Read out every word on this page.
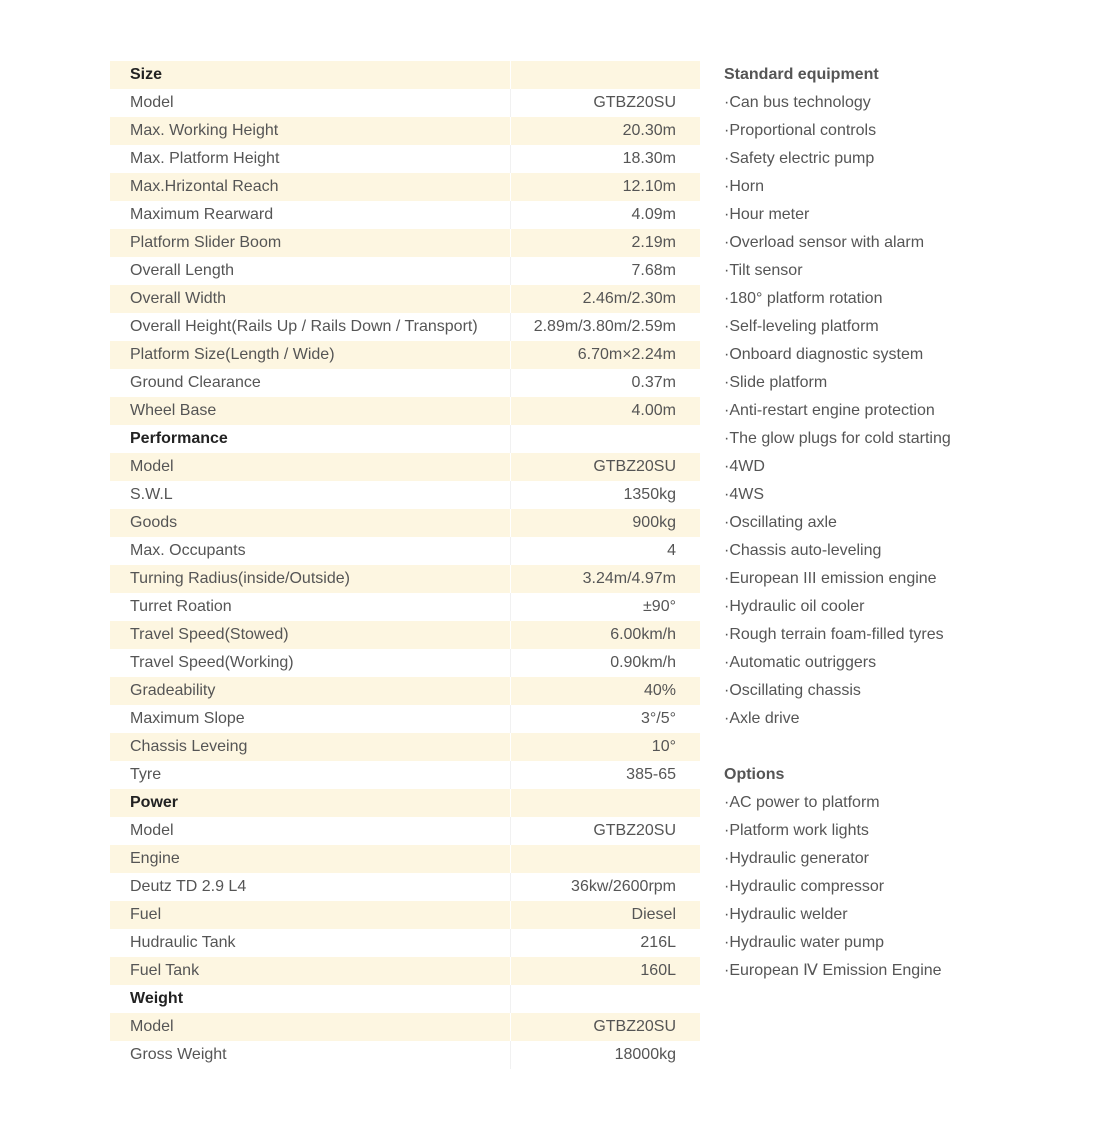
Size	
Model	GTBZ20SU
Max. Working Height	20.30m
Max. Platform Height	18.30m
Max.Hrizontal Reach	12.10m
Maximum Rearward	4.09m
Platform Slider Boom	2.19m
Overall Length	7.68m
Overall Width	2.46m/2.30m
Overall Height(Rails Up / Rails Down / Transport)	2.89m/3.80m/2.59m
Platform Size(Length / Wide)	6.70m×2.24m
Ground Clearance	0.37m
Wheel Base	4.00m
Performance	
Model	GTBZ20SU
S.W.L	1350kg
Goods	900kg
Max. Occupants	4
Turning Radius(inside/Outside)	3.24m/4.97m
Turret Roation	±90°
Travel Speed(Stowed)	6.00km/h
Travel Speed(Working)	0.90km/h
Gradeability	40%
Maximum Slope	3°/5°
Chassis Leveing	10°
Tyre	385-65
Power	
Model	GTBZ20SU
Engine	
Deutz TD 2.9 L4	36kw/2600rpm
Fuel	Diesel
Hudraulic Tank	216L
Fuel Tank	160L
Weight	
Model	GTBZ20SU
Gross Weight	18000kg
Standard equipment
·Can bus technology
·Proportional controls
·Safety electric pump
·Horn
·Hour meter
·Overload sensor with alarm
·Tilt sensor
·180° platform rotation
·Self-leveling platform
·Onboard diagnostic system
·Slide platform
·Anti-restart engine protection
·The glow plugs for cold starting
·4WD
·4WS
·Oscillating axle
·Chassis auto-leveling
·European III emission engine
·Hydraulic oil cooler
·Rough terrain foam-filled tyres
·Automatic outriggers
·Oscillating chassis
·Axle drive
Options
·AC power to platform
·Platform work lights
·Hydraulic generator
·Hydraulic compressor
·Hydraulic welder
·Hydraulic water pump
·European Ⅳ Emission Engine
